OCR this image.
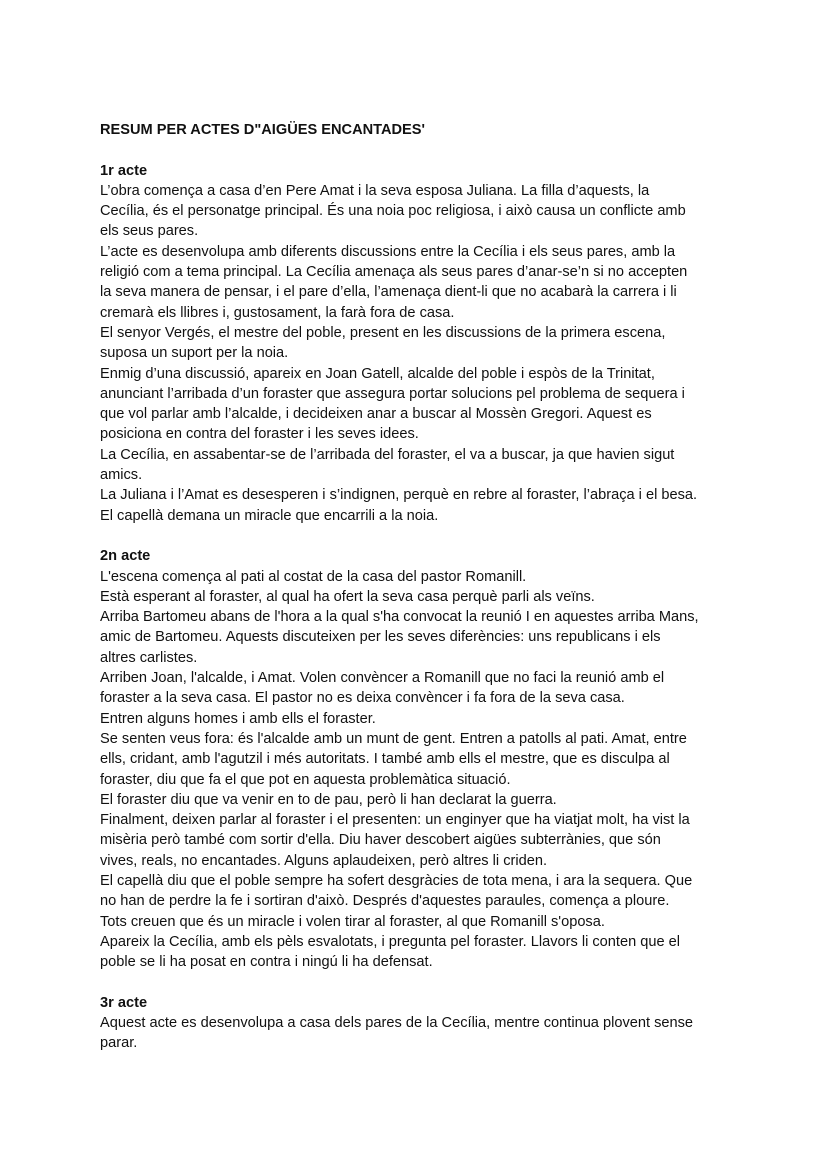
RESUM PER ACTES D"AIGÜES ENCANTADES'

1r acte

L’obra comença a casa d’en Pere Amat i la seva esposa Juliana. La filla d’aquests, la
Cecília, és el personatge principal. És una noia poc religiosa, i això causa un conflicte amb
els seus pares.

L’acte es desenvolupa amb diferents discussions entre la Cecília i els seus pares, amb la
religió com a tema principal. La Cecília amenaça als seus pares d’anar-se’n si no accepten
la seva manera de pensar, i el pare d’ella, l’amenaça dient-li que no acabarà la carrera i li
cremarà els llibres i, gustosament, la farà fora de casa.

El senyor Vergés, el mestre del poble, present en les discussions de la primera escena,
suposa un suport per la noia.

Enmig d’una discussió, apareix en Joan Gatell, alcalde del poble i espòs de la Trinitat,
anunciant l’arribada d’un foraster que assegura portar solucions pel problema de sequera i
que vol parlar amb l’alcalde, i decideixen anar a buscar al Mossèn Gregori. Aquest es
posiciona en contra del foraster i les seves idees.

La Cecília, en assabentar-se de l’arribada del foraster, el va a buscar, ja que havien sigut
amics.

La Juliana i l’Amat es desesperen i s’indignen, perquè en rebre al foraster, l’abraça i el besa.
El capellà demana un miracle que encarrili a la noia.

2n acte

L'escena comença al pati al costat de la casa del pastor Romanill.

Està esperant al foraster, al qual ha ofert la seva casa perquè parli als veïns.

Arriba Bartomeu abans de l'hora a la qual s'ha convocat la reunió I en aquestes arriba Mans,
amic de Bartomeu. Aquests discuteixen per les seves diferències: uns republicans i els
altres carlistes.

Arriben Joan, l'alcalde, i Amat. Volen convèncer a Romanill que no faci la reunió amb el
foraster a la seva casa. El pastor no es deixa convèncer i fa fora de la seva casa.

Entren alguns homes i amb ells el foraster.

Se senten veus fora: és l'alcalde amb un munt de gent. Entren a patolls al pati. Amat, entre
ells, cridant, amb l'agutzil i més autoritats. I també amb ells el mestre, que es disculpa al
foraster, diu que fa el que pot en aquesta problemàtica situació.

El foraster diu que va venir en to de pau, però li han declarat la guerra.

Finalment, deixen parlar al foraster i el presenten: un enginyer que ha viatjat molt, ha vist la
misèria però també com sortir d'ella. Diu haver descobert aigües subterrànies, que són
vives, reals, no encantades. Alguns aplaudeixen, però altres li criden.

El capellà diu que el poble sempre ha sofert desgràcies de tota mena, i ara la sequera. Que
no han de perdre la fe i sortiran d'això. Després d'aquestes paraules, comença a ploure.

Tots creuen que és un miracle i volen tirar al foraster, al que Romanill s'oposa.

Apareix la Cecília, amb els pèls esvalotats, i pregunta pel foraster. Llavors li conten que el
poble se li ha posat en contra i ningú li ha defensat.

3r acte

Aquest acte es desenvolupa a casa dels pares de la Cecília, mentre continua plovent sense
parar.
